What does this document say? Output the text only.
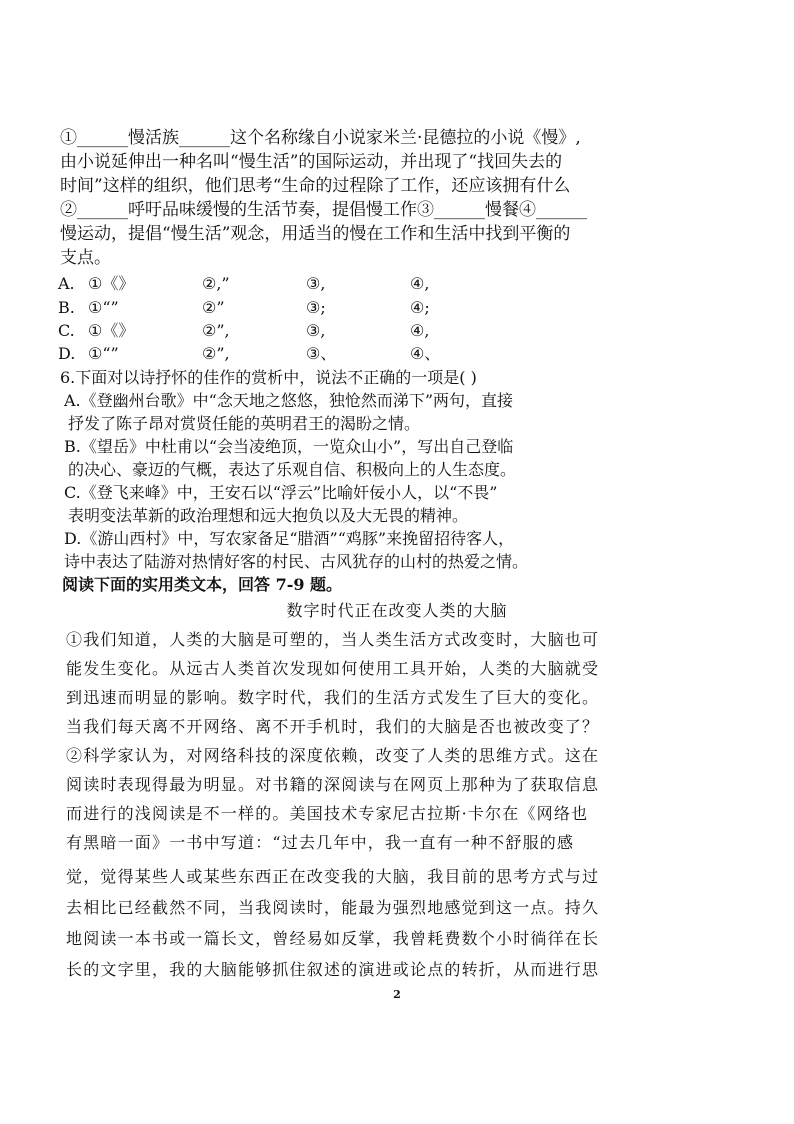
①______慢活族______这个名称缘自小说家米兰·昆德拉的小说《慢》,
由小说延伸出一种名叫“慢生活”的国际运动，并出现了“找回失去的
时间”这样的组织，他们思考“生命的过程除了工作，还应该拥有什么
②______呼吁品味缓慢的生活节奏，提倡慢工作③______慢餐④______
慢运动，提倡“慢生活”观念，用适当的慢在工作和生活中找到平衡的
支点。
A. ①《》	②,”	③,	④,
B. ①“”	②”	③;	④;
C. ①《》	②”,	③,	④,
D. ①“”	②”,	③、	④、
6.下面对以诗抒怀的佳作的赏析中，说法不正确的一项是( )
A.《登幽州台歌》中“念天地之悠悠，独怆然而涕下”两句，直接
抒发了陈子昂对赏贤任能的英明君王的渴盼之情。
B.《望岳》中杜甫以“会当凌绝顶，一览众山小”，写出自己登临
的决心、豪迈的气概，表达了乐观自信、积极向上的人生态度。
C.《登飞来峰》中，王安石以“浮云”比喻奸佞小人，以“不畏”
表明变法革新的政治理想和远大抱负以及大无畏的精神。
D.《游山西村》中，写农家备足“腊酒”“鸡豚”来挽留招待客人，
诗中表达了陆游对热情好客的村民、古风犹存的山村的热爱之情。
阅读下面的实用类文本，回答 7-9 题。
数字时代正在改变人类的大脑
①我们知道，人类的大脑是可塑的，当人类生活方式改变时，大脑也可
能发生变化。从远古人类首次发现如何使用工具开始，人类的大脑就受
到迅速而明显的影响。数字时代，我们的生活方式发生了巨大的变化。
当我们每天离不开网络、离不开手机时，我们的大脑是否也被改变了？
②科学家认为，对网络科技的深度依赖，改变了人类的思维方式。这在
阅读时表现得最为明显。对书籍的深阅读与在网页上那种为了获取信息
而进行的浅阅读是不一样的。美国技术专家尼古拉斯·卡尔在《网络也
有黑暗一面》一书中写道：“过去几年中，我一直有一种不舒服的感
觉，觉得某些人或某些东西正在改变我的大脑，我目前的思考方式与过
去相比已经截然不同，当我阅读时，能最为强烈地感觉到这一点。持久
地阅读一本书或一篇长文，曾经易如反掌，我曾耗费数个小时徜徉在长
长的文字里，我的大脑能够抓住叙述的演进或论点的转折，从而进行思
2
